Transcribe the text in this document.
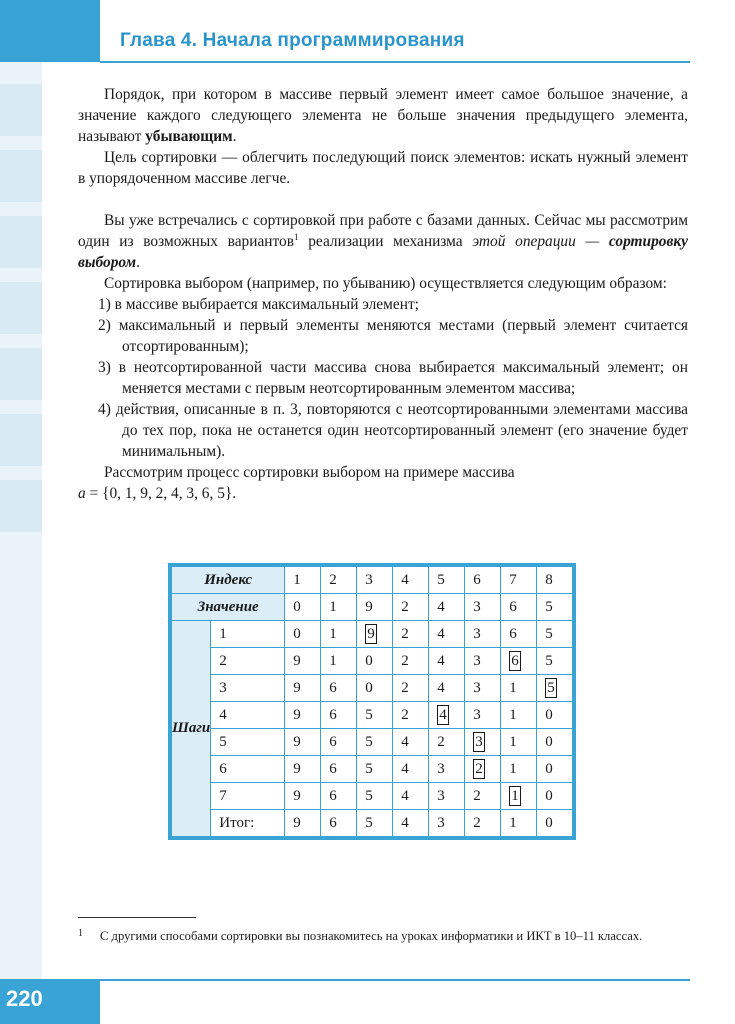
Глава 4. Начала программирования

Порядок, при котором в массиве первый элемент имеет самое большое значение, а значение каждого следующего элемента не больше значения предыдущего элемента, называют убывающим.

Цель сортировки — облегчить последующий поиск элементов: искать нужный элемент в упорядоченном массиве легче.

Вы уже встречались с сортировкой при работе с базами данных. Сейчас мы рассмотрим один из возможных вариантов$^1$ реализации механизма этой операции — сортировку выбором.

Сортировка выбором (например, по убыванию) осуществляется следующим образом:

1) в массиве выбирается максимальный элемент;

2) максимальный и первый элементы меняются местами (первый элемент считается отсортированным);

3) в неотсортированной части массива снова выбирается максимальный элемент; он меняется местами с первым неотсортированным элементом массива;

4) действия, описанные в п. 3, повторяются с неотсортированными элементами массива до тех пор, пока не останется один неотсортированный элемент (его значение будет минимальным).

Рассмотрим процесс сортировки выбором на примере массива
a = {0, 1, 9, 2, 4, 3, 6, 5}.

Индекс		1	2	3	4	5	6	7	8
Значение		0	1	9	2	4	3	6	5
Шаги	1	0	1	9	2	4	3	6	5
	2	9	1	0	2	4	3	6	5
	3	9	6	0	2	4	3	1	5
	4	9	6	5	2	4	3	1	0
	5	9	6	5	4	2	3	1	0
	6	9	6	5	4	3	2	1	0
	7	9	6	5	4	3	2	1	0
	Итог:	9	6	5	4	3	2	1	0
1	С другими способами сортировки вы познакомитесь на уроках информатики и ИКТ в 10–11 классах.
220
